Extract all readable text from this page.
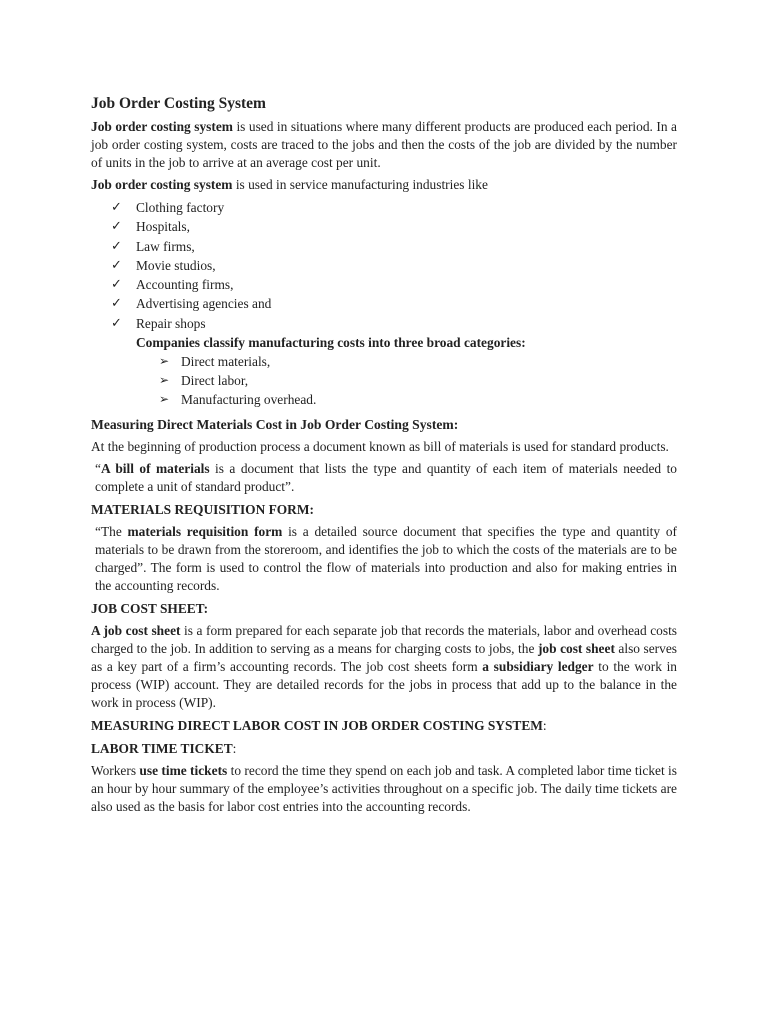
Job Order Costing System

Job order costing system is used in situations where many different products are produced each period. In a job order costing system, costs are traced to the jobs and then the costs of the job are divided by the number of units in the job to arrive at an average cost per unit.

Job order costing system is used in service manufacturing industries like

✓ Clothing factory
✓ Hospitals,
✓ Law firms,
✓ Movie studios,
✓ Accounting firms,
✓ Advertising agencies and
✓ Repair shops

Companies classify manufacturing costs into three broad categories:

➢ Direct materials,
➢ Direct labor,
➢ Manufacturing overhead.

Measuring Direct Materials Cost in Job Order Costing System:

At the beginning of production process a document known as bill of materials is used for standard products.

“A bill of materials is a document that lists the type and quantity of each item of materials needed to complete a unit of standard product”.

MATERIALS REQUISITION FORM:

“The materials requisition form is a detailed source document that specifies the type and quantity of materials to be drawn from the storeroom, and identifies the job to which the costs of the materials are to be charged”. The form is used to control the flow of materials into production and also for making entries in the accounting records.

JOB COST SHEET:

A job cost sheet is a form prepared for each separate job that records the materials, labor and overhead costs charged to the job. In addition to serving as a means for charging costs to jobs, the job cost sheet also serves as a key part of a firm’s accounting records. The job cost sheets form a subsidiary ledger to the work in process (WIP) account. They are detailed records for the jobs in process that add up to the balance in the work in process (WIP).

MEASURING DIRECT LABOR COST IN JOB ORDER COSTING SYSTEM:

LABOR TIME TICKET:

Workers use time tickets to record the time they spend on each job and task. A completed labor time ticket is an hour by hour summary of the employee’s activities throughout on a specific job. The daily time tickets are also used as the basis for labor cost entries into the accounting records.
